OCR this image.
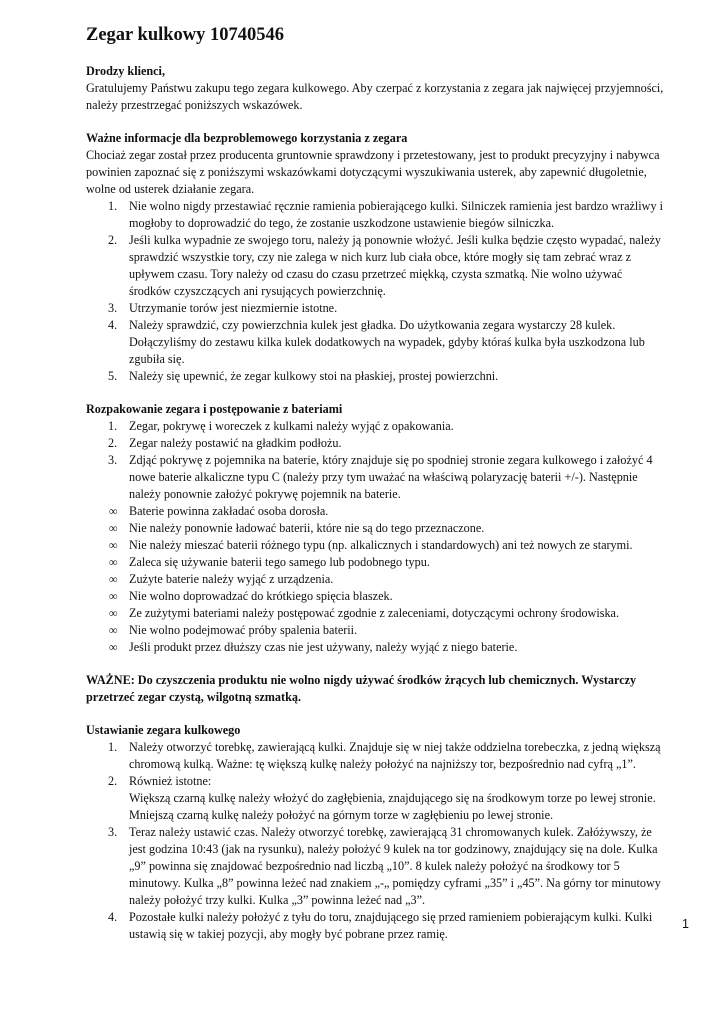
Zegar kulkowy 10740546

Drodzy klienci,

Gratulujemy Państwu zakupu tego zegara kulkowego. Aby czerpać z korzystania z zegara jak najwięcej przyjemności, należy przestrzegać poniższych wskazówek.

Ważne informacje dla bezproblemowego korzystania z zegara

Chociaż zegar został przez producenta gruntownie sprawdzony i przetestowany, jest to produkt precyzyjny i nabywca powinien zapoznać się z poniższymi wskazówkami dotyczącymi wyszukiwania usterek, aby zapewnić długoletnie, wolne od usterek działanie zegara.

1. Nie wolno nigdy przestawiać ręcznie ramienia pobierającego kulki. Silniczek ramienia jest bardzo wrażliwy i mogłoby to doprowadzić do tego, że zostanie uszkodzone ustawienie biegów silniczka.
2. Jeśli kulka wypadnie ze swojego toru, należy ją ponownie włożyć. Jeśli kulka będzie często wypadać, należy sprawdzić wszystkie tory, czy nie zalega w nich kurz lub ciała obce, które mogły się tam zebrać wraz z upływem czasu. Tory należy od czasu do czasu przetrzeć miękką, czysta szmatką. Nie wolno używać środków czyszczących ani rysujących powierzchnię.
3. Utrzymanie torów jest niezmiernie istotne.
4. Należy sprawdzić, czy powierzchnia kulek jest gładka. Do użytkowania zegara wystarczy 28 kulek. Dołączyliśmy do zestawu kilka kulek dodatkowych na wypadek, gdyby któraś kulka była uszkodzona lub zgubiła się.
5. Należy się upewnić, że zegar kulkowy stoi na płaskiej, prostej powierzchni.

Rozpakowanie zegara i postępowanie z bateriami

1. Zegar, pokrywę i woreczek z kulkami należy wyjąć z opakowania.
2. Zegar należy postawić na gładkim podłożu.
3. Zdjąć pokrywę z pojemnika na baterie, który znajduje się po spodniej stronie zegara kulkowego i założyć 4 nowe baterie alkaliczne typu C (należy przy tym uważać na właściwą polaryzację baterii +/-). Następnie należy ponownie założyć pokrywę pojemnik na baterie.
∞ Baterie powinna zakładać osoba dorosła.
∞ Nie należy ponownie ładować baterii, które nie są do tego przeznaczone.
∞ Nie należy mieszać baterii różnego typu (np. alkalicznych i standardowych) ani też nowych ze starymi.
∞ Zaleca się używanie baterii tego samego lub podobnego typu.
∞ Zużyte baterie należy wyjąć z urządzenia.
∞ Nie wolno doprowadzać do krótkiego spięcia blaszek.
∞ Ze zużytymi bateriami należy postępować zgodnie z zaleceniami, dotyczącymi ochrony środowiska.
∞ Nie wolno podejmować próby spalenia baterii.
∞ Jeśli produkt przez dłuższy czas nie jest używany, należy wyjąć z niego baterie.

WAŻNE: Do czyszczenia produktu nie wolno nigdy używać środków żrących lub chemicznych. Wystarczy przetrzeć zegar czystą, wilgotną szmatką.

Ustawianie zegara kulkowego

1. Należy otworzyć torebkę, zawierającą kulki. Znajduje się w niej także oddzielna torebeczka, z jedną większą chromową kulką. Ważne: tę większą kulkę należy położyć na najniższy tor, bezpośrednio nad cyfrą „1”.
2. Również istotne:

Większą czarną kulkę należy włożyć do zagłębienia, znajdującego się na środkowym torze po lewej stronie.

Mniejszą czarną kulkę należy położyć na górnym torze w zagłębieniu po lewej stronie.

3. Teraz należy ustawić czas. Należy otworzyć torebkę, zawierającą 31 chromowanych kulek. Załóżywszy, że jest godzina 10:43 (jak na rysunku), należy położyć 9 kulek na tor godzinowy, znajdujący się na dole. Kulka „9” powinna się znajdować bezpośrednio nad liczbą „10”. 8 kulek należy położyć na środkowy tor 5 minutowy. Kulka „8” powinna leżeć nad znakiem „-„ pomiędzy cyframi „35” i „45”. Na górny tor minutowy należy położyć trzy kulki. Kulka „3” powinna leżeć nad „3”.
4. Pozostałe kulki należy położyć z tyłu do toru, znajdującego się przed ramieniem pobierającym kulki. Kulki ustawią się w takiej pozycji, aby mogły być pobrane przez ramię.
1
